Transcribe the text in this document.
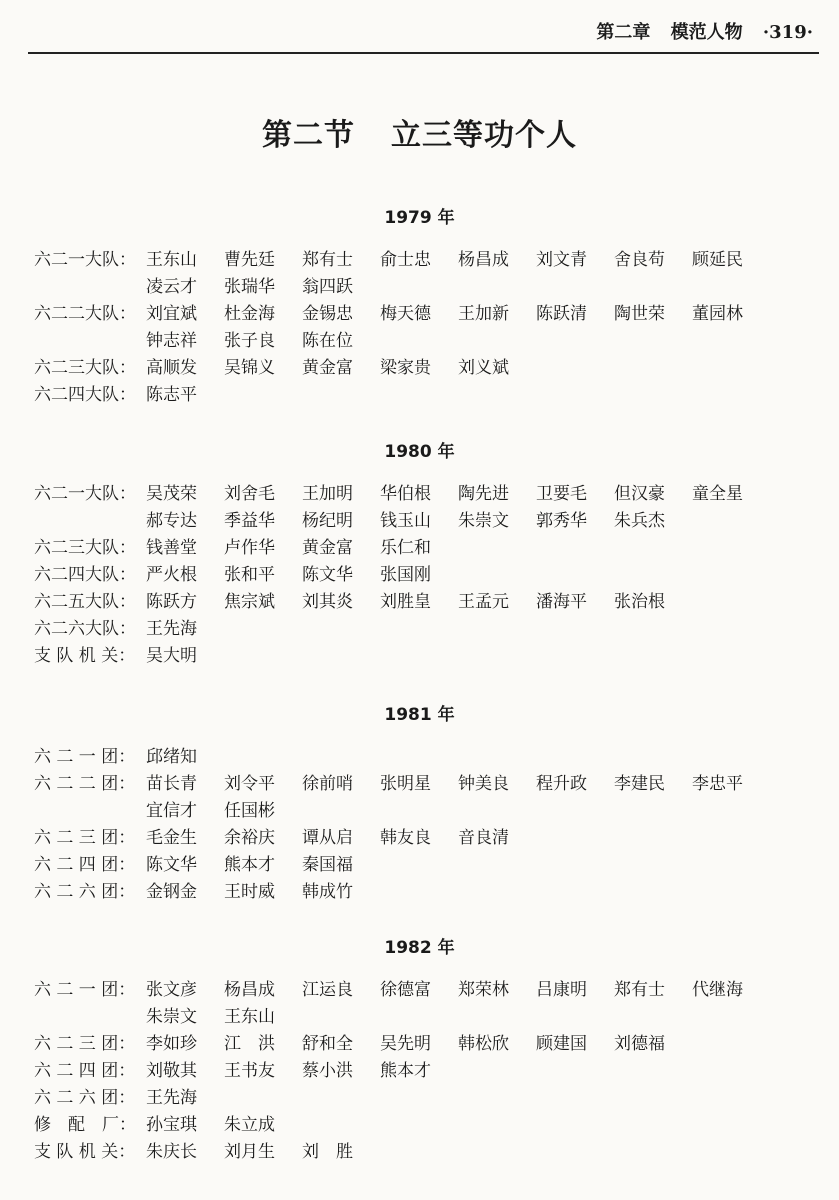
第二章 模范人物 ·319·
第二节 立三等功个人
1979 年
六二一大队： 王东山	曹先廷	郑有士	俞士忠	杨昌成	刘文青	舍良苟	顾延民
凌云才	张瑞华	翁四跃
六二二大队： 刘宜斌	杜金海	金锡忠	梅天德	王加新	陈跃清	陶世荣	董园林
钟志祥	张子良	陈在位
六二三大队： 高顺发	吴锦义	黄金富	梁家贵	刘义斌
六二四大队： 陈志平
1980 年
六二一大队： 吴茂荣	刘舍毛	王加明	华伯根	陶先进	卫要毛	但汉豪	童全星
郝专达	季益华	杨纪明	钱玉山	朱崇文	郭秀华	朱兵杰
六二三大队： 钱善堂	卢作华	黄金富	乐仁和
六二四大队： 严火根	张和平	陈文华	张国刚
六二五大队： 陈跃方	焦宗斌	刘其炎	刘胜皇	王孟元	潘海平	张治根
六二六大队： 王先海
支 队 机 关： 吴大明
1981 年
六 二 一 团： 邱绪知
六 二 二 团： 苗长青	刘令平	徐前哨	张明星	钟美良	程升政	李建民	李忠平
宜信才	任国彬
六 二 三 团： 毛金生	余裕庆	谭从启	韩友良	音良清
六 二 四 团： 陈文华	熊本才	秦国福
六 二 六 团： 金钢金	王时威	韩成竹
1982 年
六 二 一 团： 张文彦	杨昌成	江运良	徐德富	郑荣林	吕康明	郑有士	代继海
朱崇文	王东山
六 二 三 团： 李如珍	江　洪	舒和全	吴先明	韩松欣	顾建国	刘德福
六 二 四 团： 刘敬其	王书友	蔡小洪	熊本才
六 二 六 团： 王先海
修　配　厂： 孙宝琪	朱立成
支 队 机 关： 朱庆长	刘月生	刘　胜
